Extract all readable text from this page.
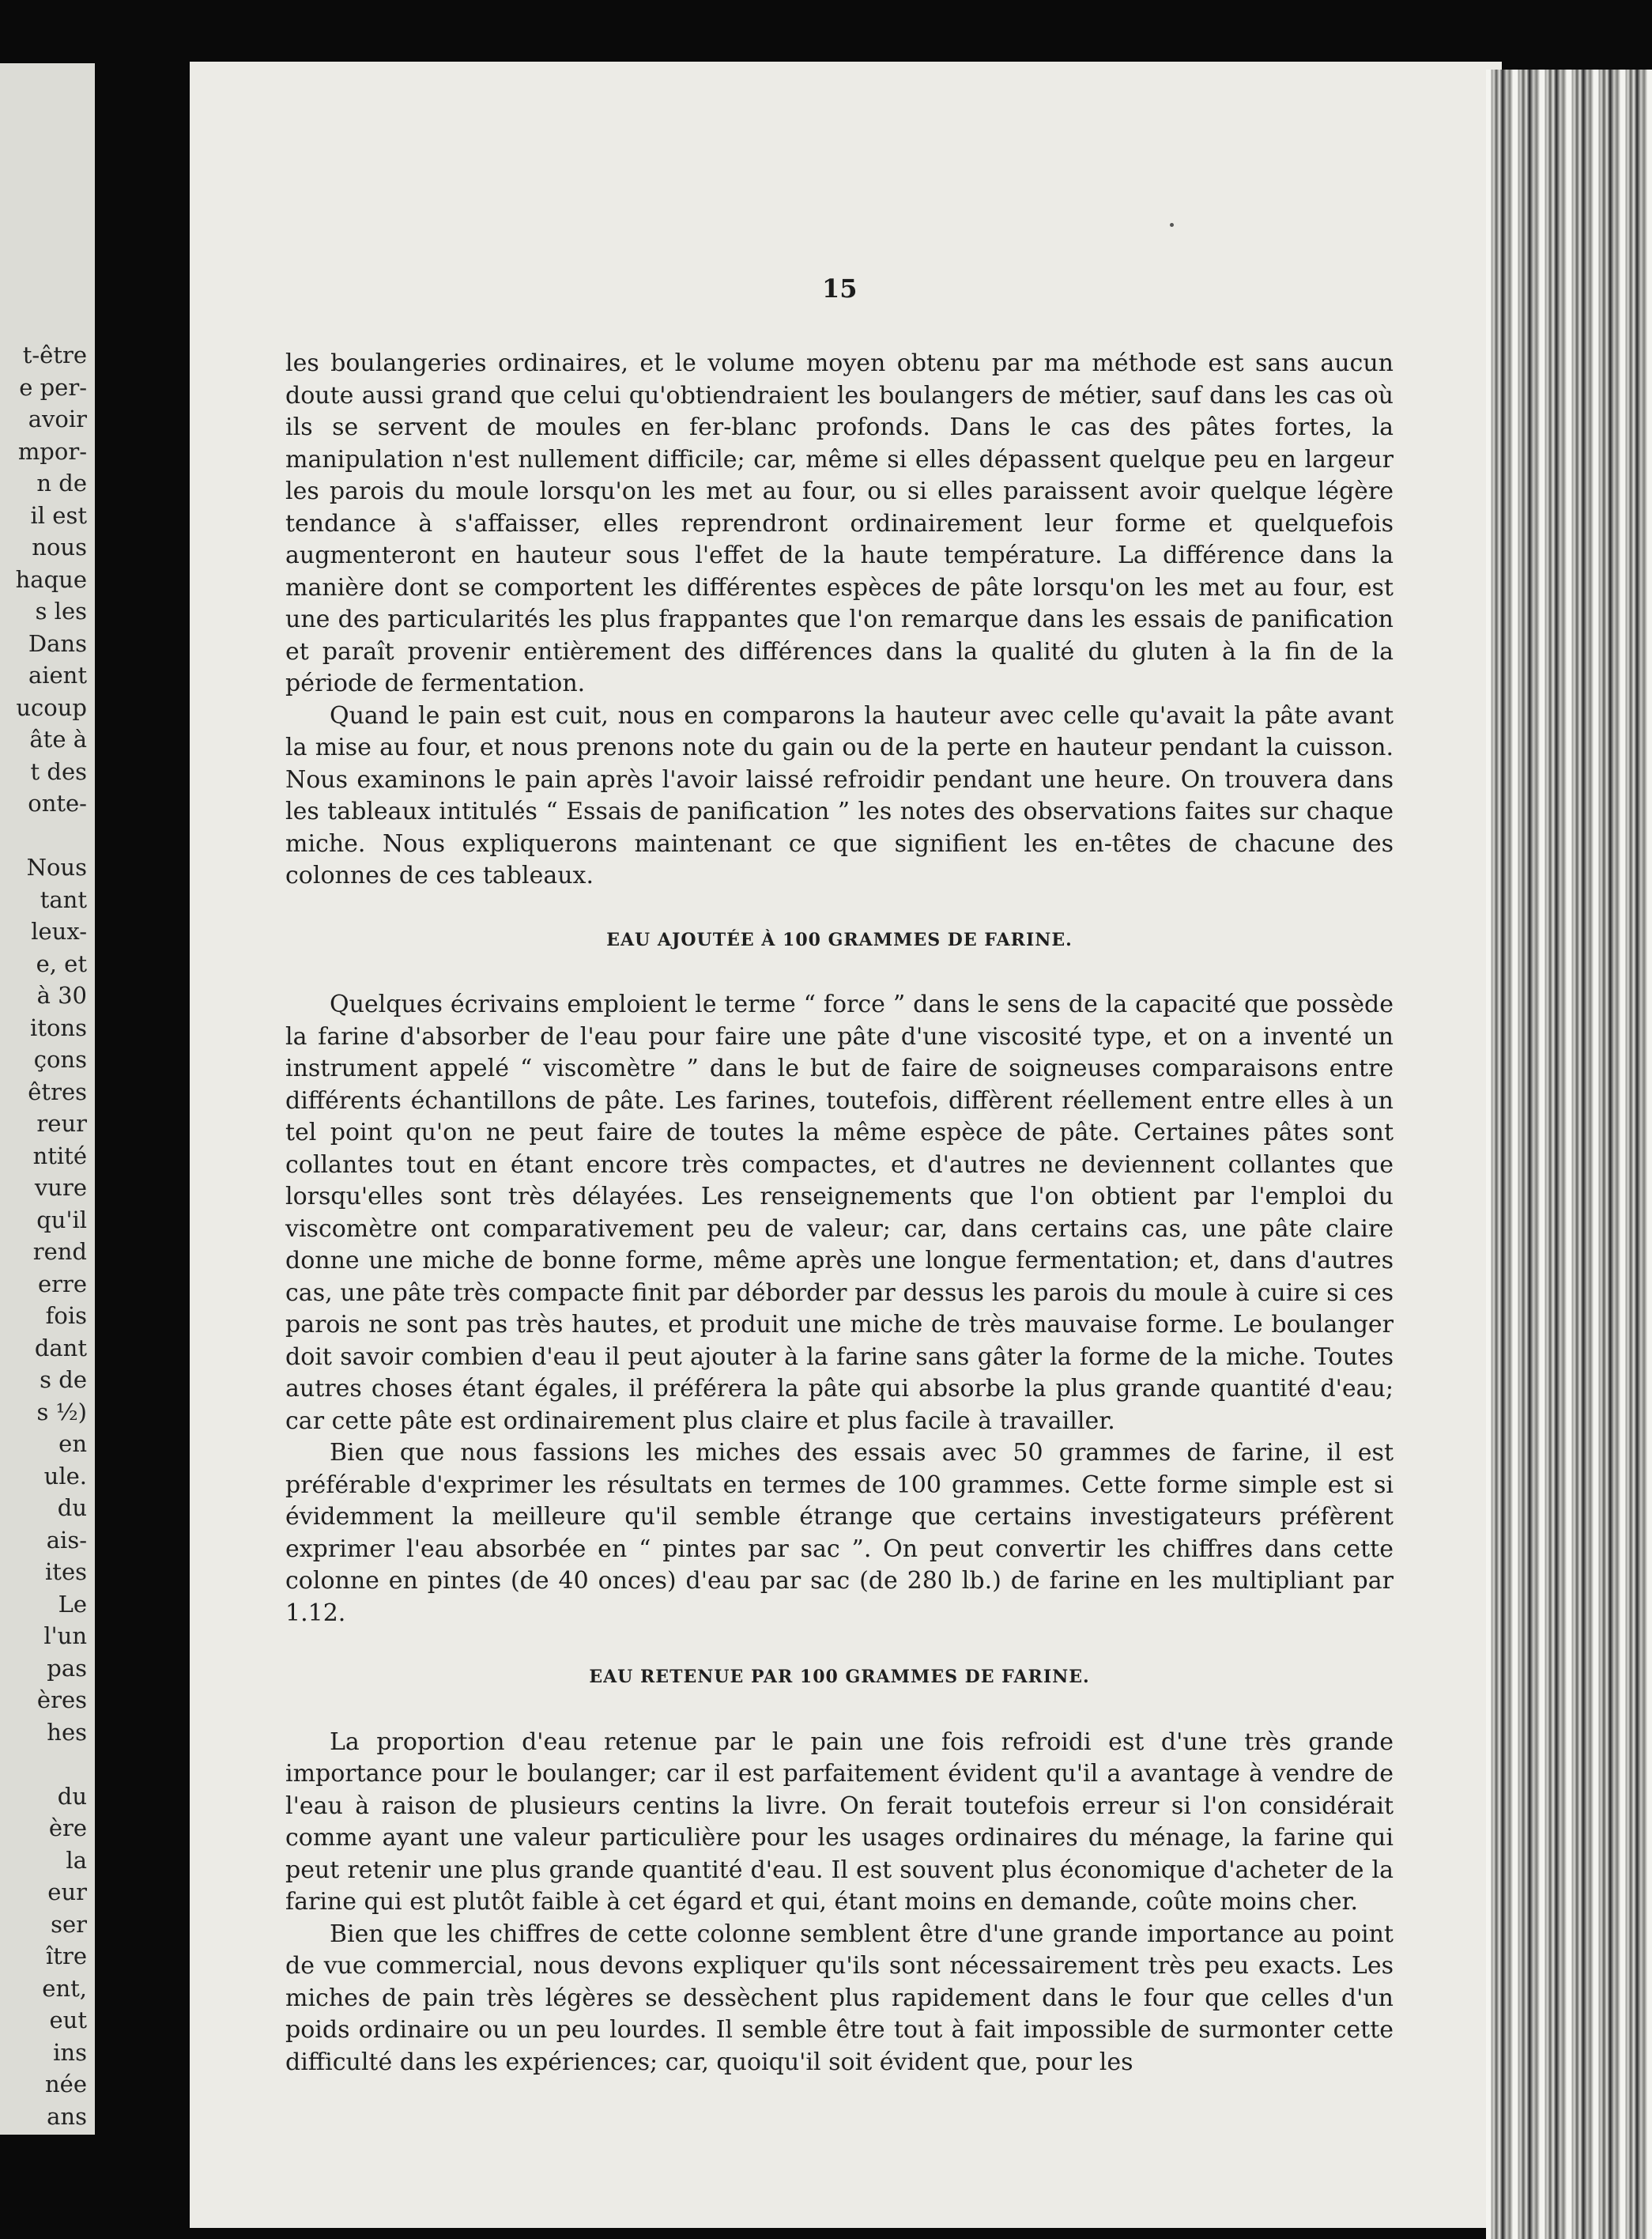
t-être
e per-
avoir
mpor-
n de
il est
nous
haque
s les
Dans
aient
ucoup
âte à
t des
onte-
Nous
tant
leux-
e, et
à 30
itons
çons
êtres
reur
ntité
vure
qu'il
rend
erre
fois
dant
s de
s ½)
en
ule.
du
ais-
ites
Le
l'un
pas
ères
hes
du
ère
la
eur
ser
ître
ent,
eut
ins
née
ans
15

les boulangeries ordinaires, et le volume moyen obtenu par ma méthode est sans aucun doute aussi grand que celui qu'obtiendraient les boulangers de métier, sauf dans les cas où ils se servent de moules en fer-blanc profonds. Dans le cas des pâtes fortes, la manipulation n'est nullement difficile; car, même si elles dépassent quelque peu en largeur les parois du moule lorsqu'on les met au four, ou si elles paraissent avoir quelque légère tendance à s'affaisser, elles reprendront ordinairement leur forme et quelquefois augmenteront en hauteur sous l'effet de la haute température. La différence dans la manière dont se comportent les différentes espèces de pâte lorsqu'on les met au four, est une des particularités les plus frappantes que l'on remarque dans les essais de panification et paraît provenir entièrement des différences dans la qualité du gluten à la fin de la période de fermentation.

Quand le pain est cuit, nous en comparons la hauteur avec celle qu'avait la pâte avant la mise au four, et nous prenons note du gain ou de la perte en hauteur pendant la cuisson. Nous examinons le pain après l'avoir laissé refroidir pendant une heure. On trouvera dans les tableaux intitulés “ Essais de panification ” les notes des observations faites sur chaque miche. Nous expliquerons maintenant ce que signifient les en-têtes de chacune des colonnes de ces tableaux.

EAU AJOUTÉE À 100 GRAMMES DE FARINE.

Quelques écrivains emploient le terme “ force ” dans le sens de la capacité que possède la farine d'absorber de l'eau pour faire une pâte d'une viscosité type, et on a inventé un instrument appelé “ viscomètre ” dans le but de faire de soigneuses comparaisons entre différents échantillons de pâte. Les farines, toutefois, diffèrent réellement entre elles à un tel point qu'on ne peut faire de toutes la même espèce de pâte. Certaines pâtes sont collantes tout en étant encore très compactes, et d'autres ne deviennent collantes que lorsqu'elles sont très délayées. Les renseignements que l'on obtient par l'emploi du viscomètre ont comparativement peu de valeur; car, dans certains cas, une pâte claire donne une miche de bonne forme, même après une longue fermentation; et, dans d'autres cas, une pâte très compacte finit par déborder par dessus les parois du moule à cuire si ces parois ne sont pas très hautes, et produit une miche de très mauvaise forme. Le boulanger doit savoir combien d'eau il peut ajouter à la farine sans gâter la forme de la miche. Toutes autres choses étant égales, il préférera la pâte qui absorbe la plus grande quantité d'eau; car cette pâte est ordinairement plus claire et plus facile à travailler.

Bien que nous fassions les miches des essais avec 50 grammes de farine, il est préférable d'exprimer les résultats en termes de 100 grammes. Cette forme simple est si évidemment la meilleure qu'il semble étrange que certains investigateurs préfèrent exprimer l'eau absorbée en “ pintes par sac ”. On peut convertir les chiffres dans cette colonne en pintes (de 40 onces) d'eau par sac (de 280 lb.) de farine en les multipliant par 1.12.

EAU RETENUE PAR 100 GRAMMES DE FARINE.

La proportion d'eau retenue par le pain une fois refroidi est d'une très grande importance pour le boulanger; car il est parfaitement évident qu'il a avantage à vendre de l'eau à raison de plusieurs centins la livre. On ferait toutefois erreur si l'on considérait comme ayant une valeur particulière pour les usages ordinaires du ménage, la farine qui peut retenir une plus grande quantité d'eau. Il est souvent plus économique d'acheter de la farine qui est plutôt faible à cet égard et qui, étant moins en demande, coûte moins cher.

Bien que les chiffres de cette colonne semblent être d'une grande importance au point de vue commercial, nous devons expliquer qu'ils sont nécessairement très peu exacts. Les miches de pain très légères se dessèchent plus rapidement dans le four que celles d'un poids ordinaire ou un peu lourdes. Il semble être tout à fait impossible de surmonter cette difficulté dans les expériences; car, quoiqu'il soit évident que, pour les
